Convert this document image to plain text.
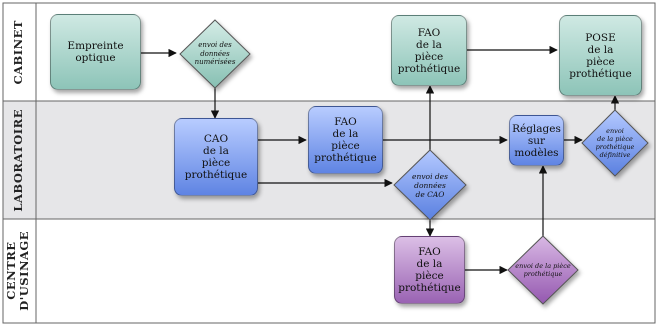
CABINET
LABORATOIRE
CENTRE
D'USINAGE
Empreinte
optique
CAO
de la
pièce
prothétique
FAO
de la
pièce
prothétique
FAO
de la
pièce
prothétique
Réglages
sur
modèles
POSE
de la
pièce
prothétique
FAO
de la
pièce
prothétique
envoi des
données
numérisées
envoi des
données
de CAO
envoi
de la pièce
prothétique
définitive
envoi de la pièce
prothétique
